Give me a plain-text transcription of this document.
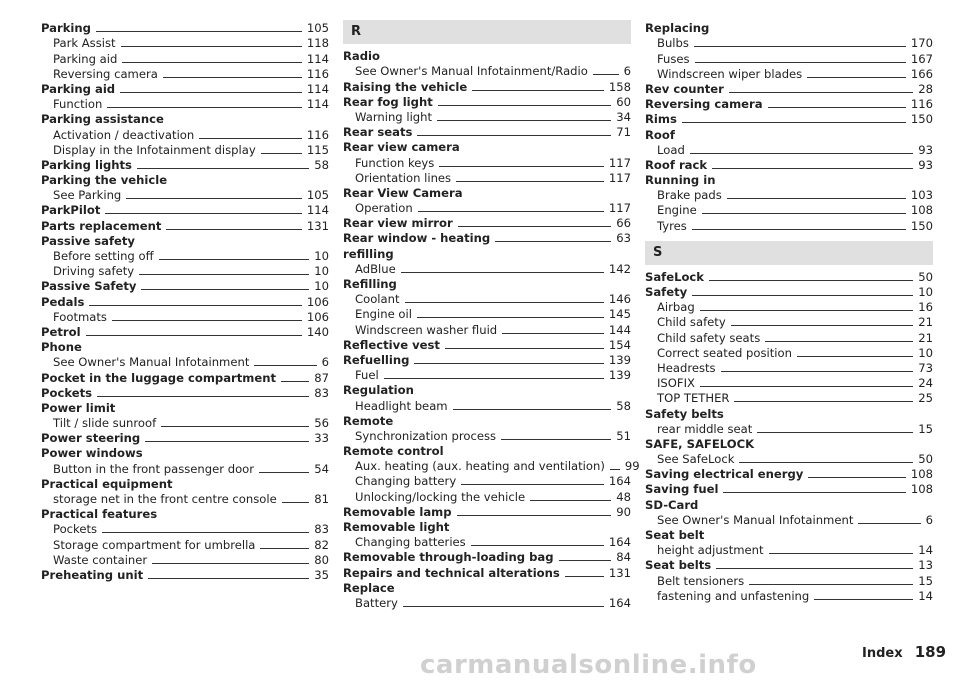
Parking	105
Park Assist	118
Parking aid	114
Reversing camera	116
Parking aid	114
Function	114
Parking assistance
Activation / deactivation	116
Display in the Infotainment display	115
Parking lights	58
Parking the vehicle
See Parking	105
ParkPilot	114
Parts replacement	131
Passive safety
Before setting off	10
Driving safety	10
Passive Safety	10
Pedals	106
Footmats	106
Petrol	140
Phone
See Owner's Manual Infotainment	6
Pocket in the luggage compartment	87
Pockets	83
Power limit
Tilt / slide sunroof	56
Power steering	33
Power windows
Button in the front passenger door	54
Practical equipment
storage net in the front centre console	81
Practical features
Pockets	83
Storage compartment for umbrella	82
Waste container	80
Preheating unit	35
R
Radio
See Owner's Manual Infotainment/Radio	6
Raising the vehicle	158
Rear fog light	60
Warning light	34
Rear seats	71
Rear view camera
Function keys	117
Orientation lines	117
Rear View Camera
Operation	117
Rear view mirror	66
Rear window - heating	63
refilling
AdBlue	142
Refilling
Coolant	146
Engine oil	145
Windscreen washer fluid	144
Reflective vest	154
Refuelling	139
Fuel	139
Regulation
Headlight beam	58
Remote
Synchronization process	51
Remote control
Aux. heating (aux. heating and ventilation) 99
Changing battery	164
Unlocking/locking the vehicle	48
Removable lamp	90
Removable light
Changing batteries	164
Removable through-loading bag	84
Repairs and technical alterations	131
Replace
Battery	164
Replacing
Bulbs	170
Fuses	167
Windscreen wiper blades	166
Rev counter	28
Reversing camera	116
Rims	150
Roof
Load	93
Roof rack	93
Running in
Brake pads	103
Engine	108
Tyres	150
S
SafeLock	50
Safety	10
Airbag	16
Child safety	21
Child safety seats	21
Correct seated position	10
Headrests	73
ISOFIX	24
TOP TETHER	25
Safety belts
rear middle seat	15
SAFE, SAFELOCK
See SafeLock	50
Saving electrical energy	108
Saving fuel	108
SD-Card
See Owner's Manual Infotainment	6
Seat belt
height adjustment	14
Seat belts	13
Belt tensioners	15
fastening and unfastening	14
carmanualsonline.info	Index 189
